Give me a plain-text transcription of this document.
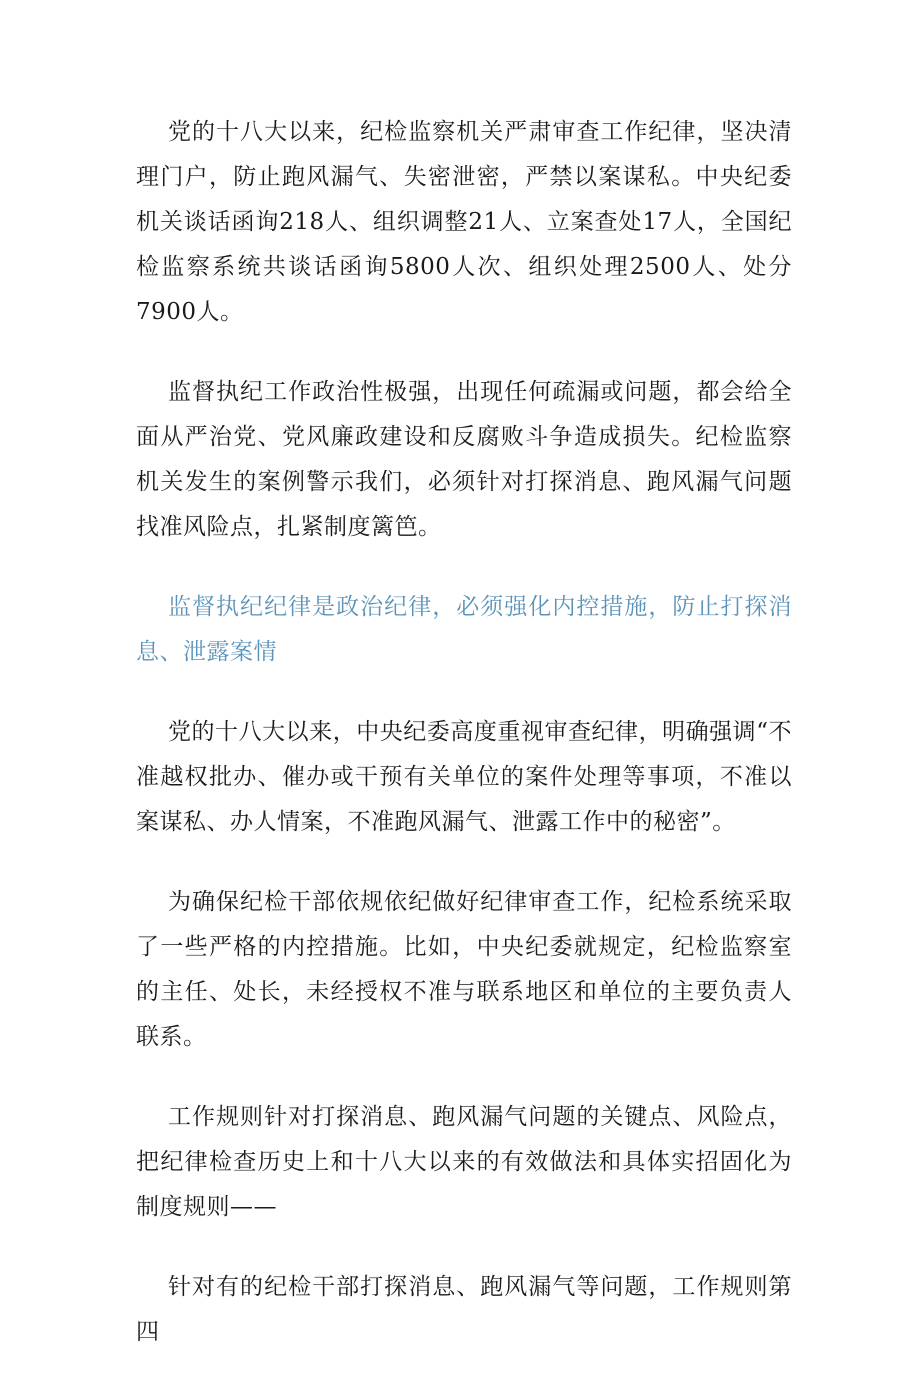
党的十八大以来，纪检监察机关严肃审查工作纪律，坚决清理门户，防止跑风漏气、失密泄密，严禁以案谋私。中央纪委机关谈话函询218人、组织调整21人、立案查处17人，全国纪检监察系统共谈话函询5800人次、组织处理2500人、处分7900人。

监督执纪工作政治性极强，出现任何疏漏或问题，都会给全面从严治党、党风廉政建设和反腐败斗争造成损失。纪检监察机关发生的案例警示我们，必须针对打探消息、跑风漏气问题找准风险点，扎紧制度篱笆。

监督执纪纪律是政治纪律，必须强化内控措施，防止打探消息、泄露案情

党的十八大以来，中央纪委高度重视审查纪律，明确强调“不准越权批办、催办或干预有关单位的案件处理等事项，不准以案谋私、办人情案，不准跑风漏气、泄露工作中的秘密”。

为确保纪检干部依规依纪做好纪律审查工作，纪检系统采取了一些严格的内控措施。比如，中央纪委就规定，纪检监察室的主任、处长，未经授权不准与联系地区和单位的主要负责人联系。

工作规则针对打探消息、跑风漏气问题的关键点、风险点，把纪律检查历史上和十八大以来的有效做法和具体实招固化为制度规则——

针对有的纪检干部打探消息、跑风漏气等问题，工作规则第四
